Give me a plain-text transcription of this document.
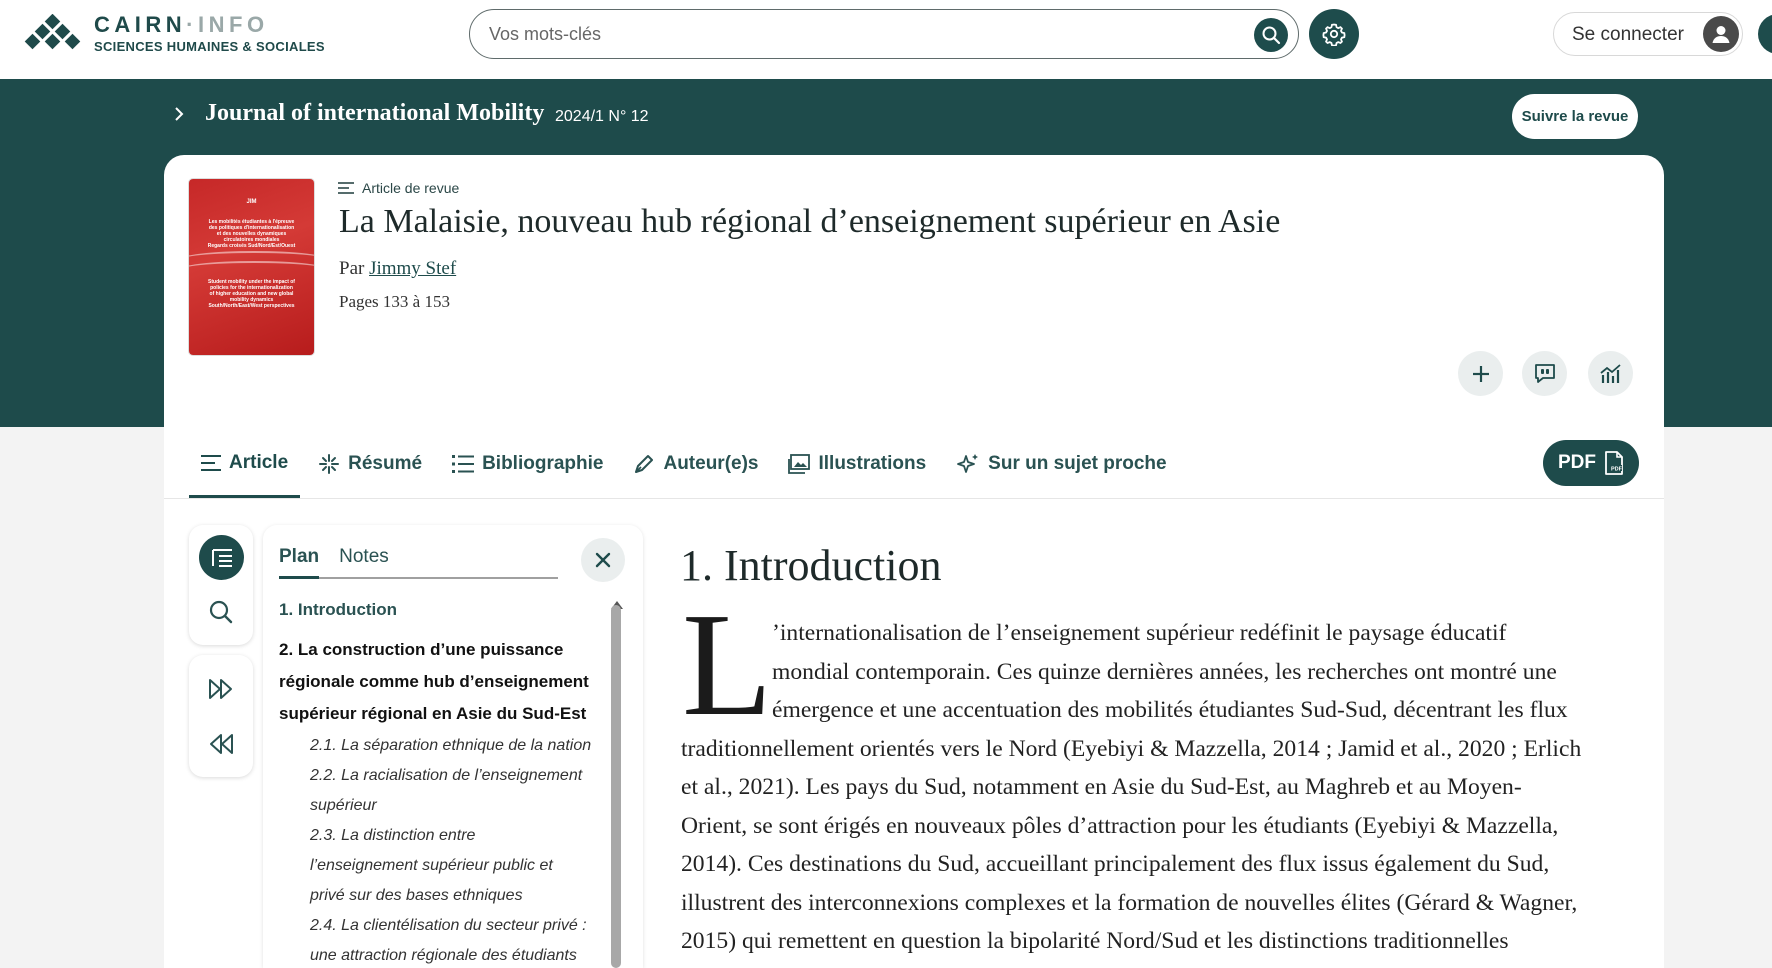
CAIRN·INFO
SCIENCES HUMAINES & SOCIALES
Vos mots-clés
Se connecter
Journal of international Mobility 2024/1 N° 12	Suivre la revue
JIM
Les mobilités étudiantes à l'épreuve
des politiques d'internationalisation
et des nouvelles dynamiques
circulatoires mondiales
Regards croisés Sud/Nord/Est/Ouest
Student mobility under the impact of
policies for the internationalization
of higher education and new global
mobility dynamics
South/North/East/West perspectives
Article de revue
La Malaisie, nouveau hub régional d’enseignement supérieur en Asie
Par Jimmy Stef
Pages 133 à 153
Article	Résumé	Bibliographie	Auteur(e)s	Illustrations	Sur un sujet proche	PDF	PDF
Plan Notes
1. Introduction
2. La construction d’une puissance
régionale comme hub d’enseignement
supérieur régional en Asie du Sud-Est
2.1. La séparation ethnique de la nation
2.2. La racialisation de l’enseignement
supérieur
2.3. La distinction entre
l’enseignement supérieur public et
privé sur des bases ethniques
2.4. La clientélisation du secteur privé :
une attraction régionale des étudiants
1. Introduction
L ’internationalisation de l’enseignement supérieur redéfinit le paysage éducatif
mondial contemporain. Ces quinze dernières années, les recherches ont montré une
émergence et une accentuation des mobilités étudiantes Sud-Sud, décentrant les flux
traditionnellement orientés vers le Nord (Eyebiyi & Mazzella, 2014 ; Jamid et al., 2020 ; Erlich
et al., 2021). Les pays du Sud, notamment en Asie du Sud-Est, au Maghreb et au Moyen-
Orient, se sont érigés en nouveaux pôles d’attraction pour les étudiants (Eyebiyi & Mazzella,
2014). Ces destinations du Sud, accueillant principalement des flux issus également du Sud,
illustrent des interconnexions complexes et la formation de nouvelles élites (Gérard & Wagner,
2015) qui remettent en question la bipolarité Nord/Sud et les distinctions traditionnelles
